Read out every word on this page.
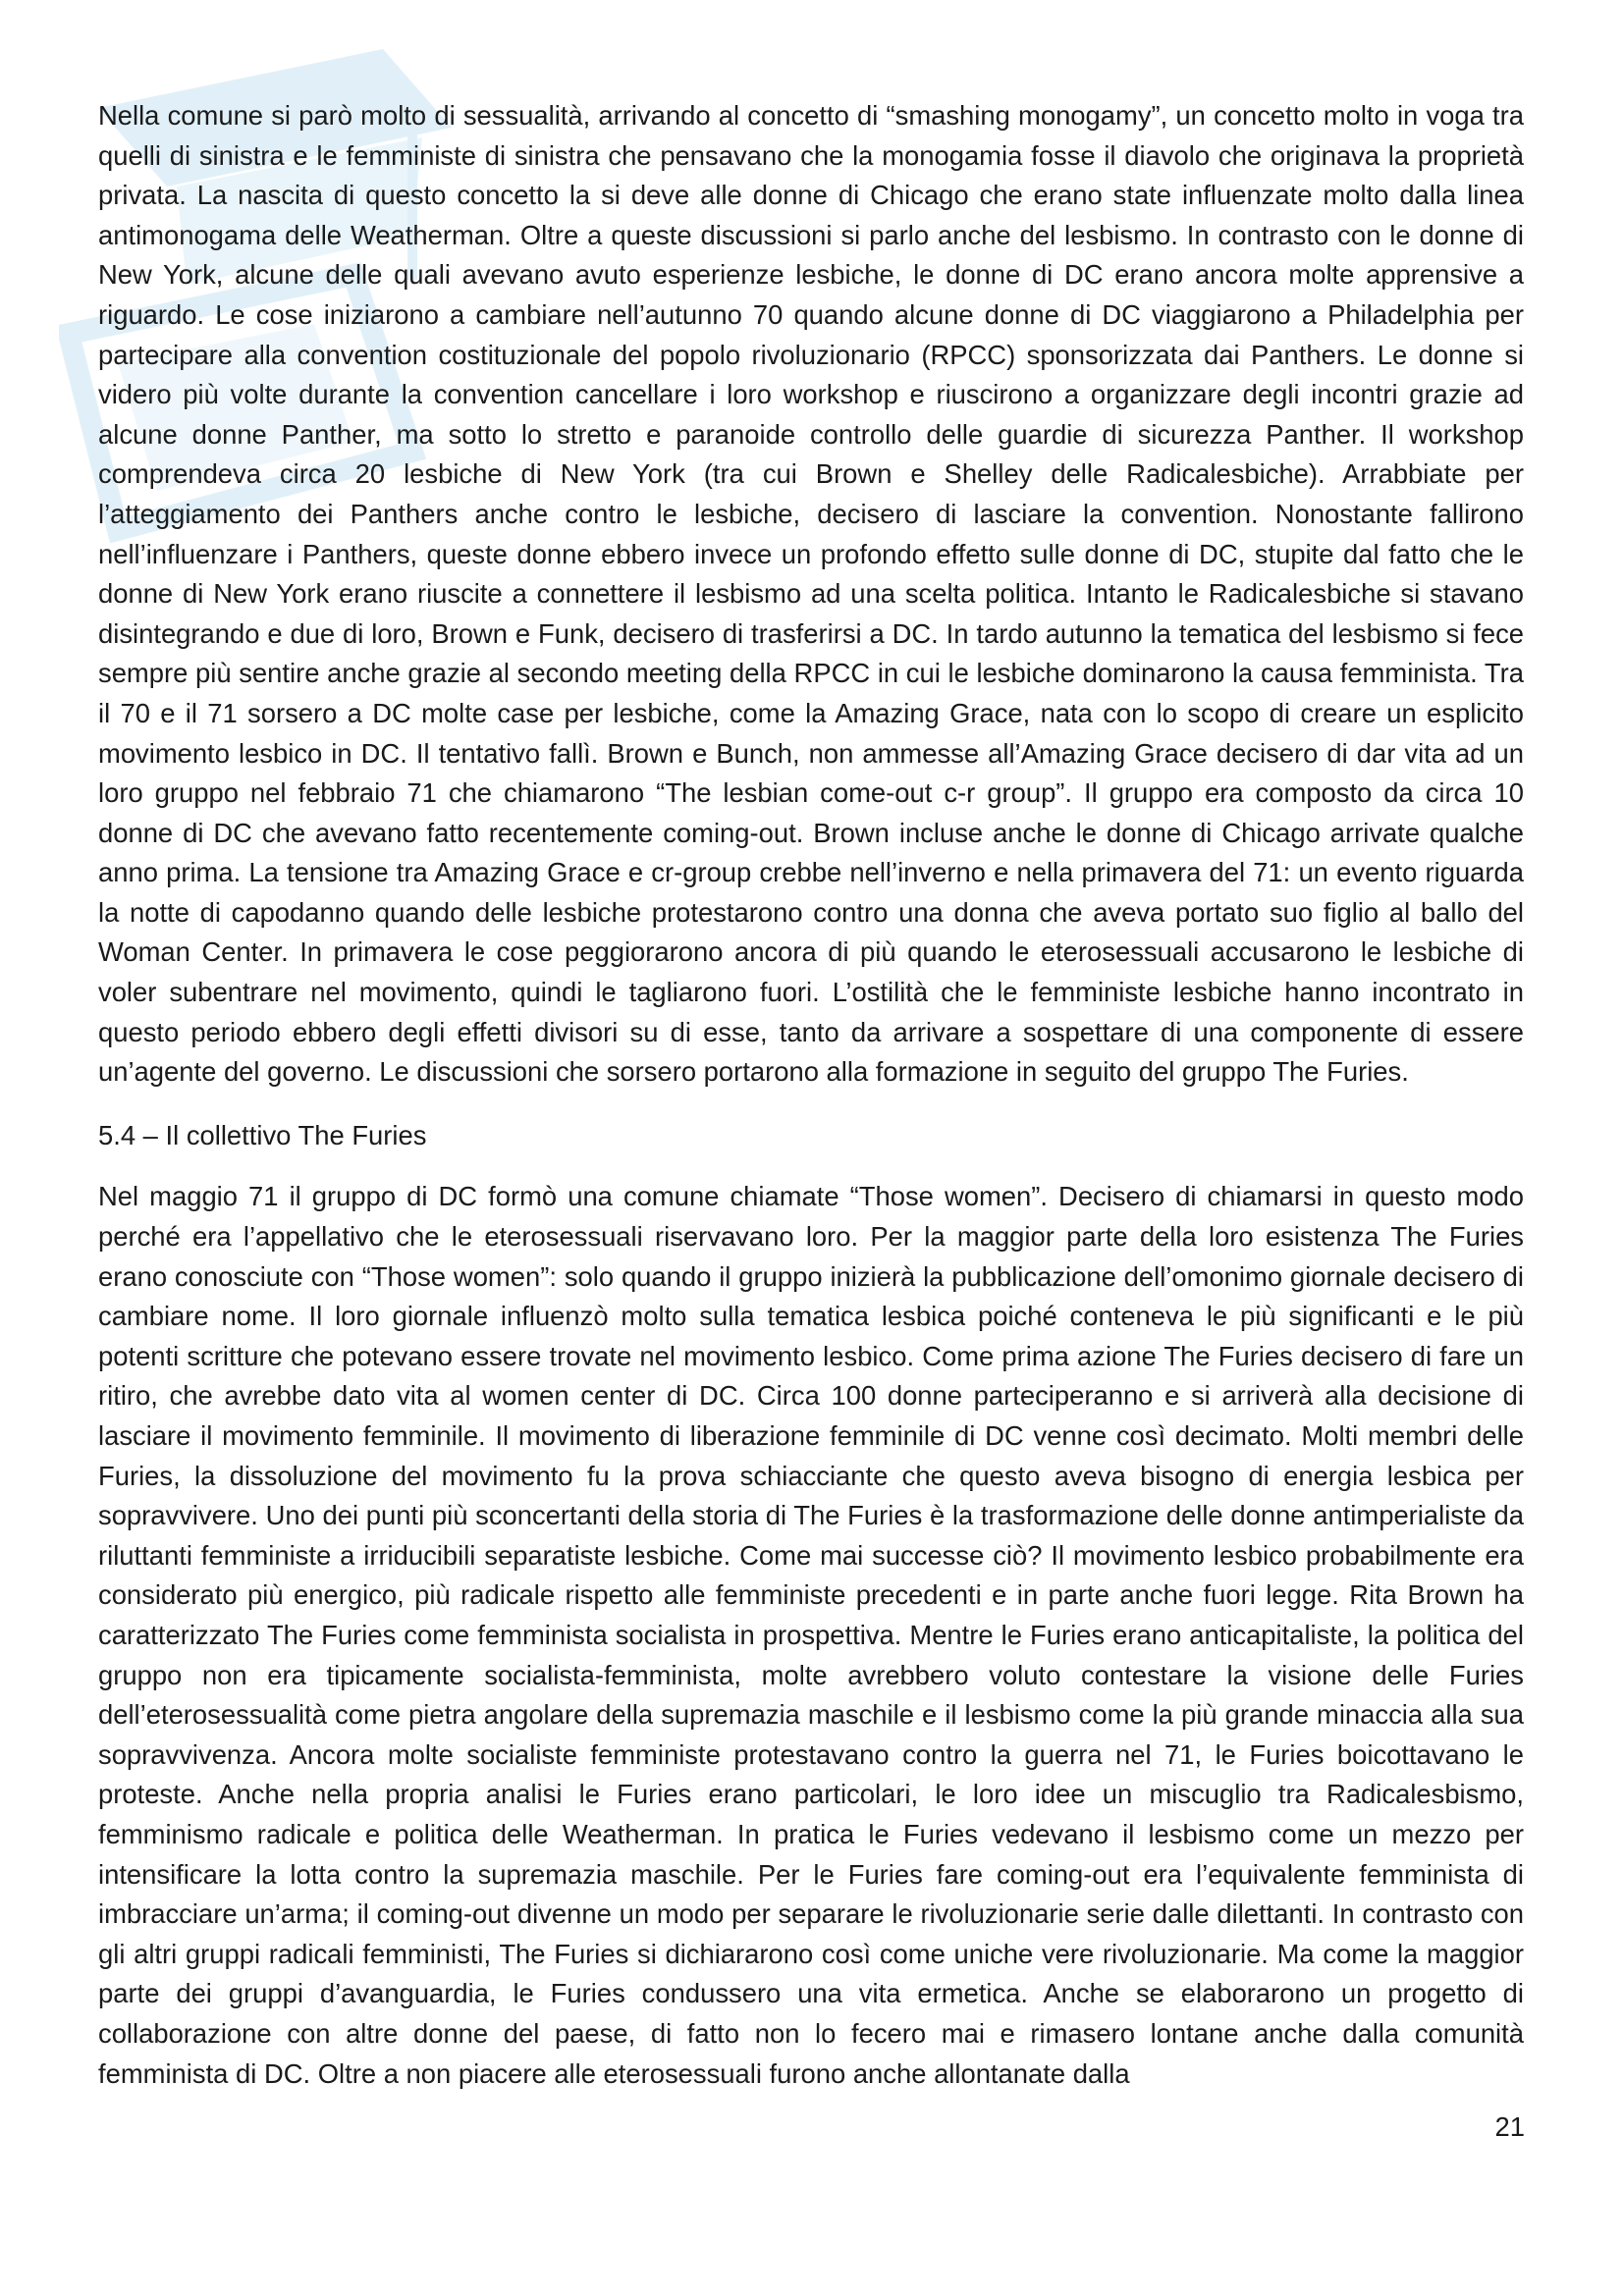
Nella comune si parò molto di sessualità, arrivando al concetto di “smashing monogamy”, un concetto molto in voga tra quelli di sinistra e le femministe di sinistra che pensavano che la monogamia fosse il diavolo che originava la proprietà privata. La nascita di questo concetto la si deve alle donne di Chicago che erano state influenzate molto dalla linea antimonogama delle Weatherman. Oltre a queste discussioni si parlo anche del lesbismo. In contrasto con le donne di New York, alcune delle quali avevano avuto esperienze lesbiche, le donne di DC erano ancora molte apprensive a riguardo. Le cose iniziarono a cambiare nell’autunno 70 quando alcune donne di DC viaggiarono a Philadelphia per partecipare alla convention costituzionale del popolo rivoluzionario (RPCC) sponsorizzata dai Panthers. Le donne si videro più volte durante la convention cancellare i loro workshop e riuscirono a organizzare degli incontri grazie ad alcune donne Panther, ma sotto lo stretto e paranoide controllo delle guardie di sicurezza Panther. Il workshop comprendeva circa 20 lesbiche di New York (tra cui Brown e Shelley delle Radicalesbiche). Arrabbiate per l’atteggiamento dei Panthers anche contro le lesbiche, decisero di lasciare la convention. Nonostante fallirono nell’influenzare i Panthers, queste donne ebbero invece un profondo effetto sulle donne di DC, stupite dal fatto che le donne di New York erano riuscite a connettere il lesbismo ad una scelta politica. Intanto le Radicalesbiche si stavano disintegrando e due di loro, Brown e Funk, decisero di trasferirsi a DC. In tardo autunno la tematica del lesbismo si fece sempre più sentire anche grazie al secondo meeting della RPCC in cui le lesbiche dominarono la causa femminista. Tra il 70 e il 71 sorsero a DC molte case per lesbiche, come la Amazing Grace, nata con lo scopo di creare un esplicito movimento lesbico in DC. Il tentativo fallì. Brown e Bunch, non ammesse all’Amazing Grace decisero di dar vita ad un loro gruppo nel febbraio 71 che chiamarono “The lesbian come-out c-r group”. Il gruppo era composto da circa 10 donne di DC che avevano fatto recentemente coming-out. Brown incluse anche le donne di Chicago arrivate qualche anno prima. La tensione tra Amazing Grace e cr-group crebbe nell’inverno e nella primavera del 71: un evento riguarda la notte di capodanno quando delle lesbiche protestarono contro una donna che aveva portato suo figlio al ballo del Woman Center. In primavera le cose peggiorarono ancora di più quando le eterosessuali accusarono le lesbiche di voler subentrare nel movimento, quindi le tagliarono fuori. L’ostilità che le femministe lesbiche hanno incontrato in questo periodo ebbero degli effetti divisori su di esse, tanto da arrivare a sospettare di una componente di essere un’agente del governo. Le discussioni che sorsero portarono alla formazione in seguito del gruppo The Furies.

5.4 – Il collettivo The Furies

Nel maggio 71 il gruppo di DC formò una comune chiamate “Those women”. Decisero di chiamarsi in questo modo perché era l’appellativo che le eterosessuali riservavano loro. Per la maggior parte della loro esistenza The Furies erano conosciute con “Those women”: solo quando il gruppo inizierà la pubblicazione dell’omonimo giornale decisero di cambiare nome. Il loro giornale influenzò molto sulla tematica lesbica poiché conteneva le più significanti e le più potenti scritture che potevano essere trovate nel movimento lesbico. Come prima azione The Furies decisero di fare un ritiro, che avrebbe dato vita al women center di DC. Circa 100 donne parteciperanno e si arriverà alla decisione di lasciare il movimento femminile. Il movimento di liberazione femminile di DC venne così decimato. Molti membri delle Furies, la dissoluzione del movimento fu la prova schiacciante che questo aveva bisogno di energia lesbica per sopravvivere. Uno dei punti più sconcertanti della storia di The Furies è la trasformazione delle donne antimperialiste da riluttanti femministe a irriducibili separatiste lesbiche. Come mai successe ciò? Il movimento lesbico probabilmente era considerato più energico, più radicale rispetto alle femministe precedenti e in parte anche fuori legge. Rita Brown ha caratterizzato The Furies come femminista socialista in prospettiva. Mentre le Furies erano anticapitaliste, la politica del gruppo non era tipicamente socialista-femminista, molte avrebbero voluto contestare la visione delle Furies dell’eterosessualità come pietra angolare della supremazia maschile e il lesbismo come la più grande minaccia alla sua sopravvivenza. Ancora molte socialiste femministe protestavano contro la guerra nel 71, le Furies boicottavano le proteste. Anche nella propria analisi le Furies erano particolari, le loro idee un miscuglio tra Radicalesbismo, femminismo radicale e politica delle Weatherman. In pratica le Furies vedevano il lesbismo come un mezzo per intensificare la lotta contro la supremazia maschile. Per le Furies fare coming-out era l’equivalente femminista di imbracciare un’arma; il coming-out divenne un modo per separare le rivoluzionarie serie dalle dilettanti. In contrasto con gli altri gruppi radicali femministi, The Furies si dichiararono così come uniche vere rivoluzionarie. Ma come la maggior parte dei gruppi d’avanguardia, le Furies condussero una vita ermetica. Anche se elaborarono un progetto di collaborazione con altre donne del paese, di fatto non lo fecero mai e rimasero lontane anche dalla comunità femminista di DC. Oltre a non piacere alle eterosessuali furono anche allontanate dalla

21
